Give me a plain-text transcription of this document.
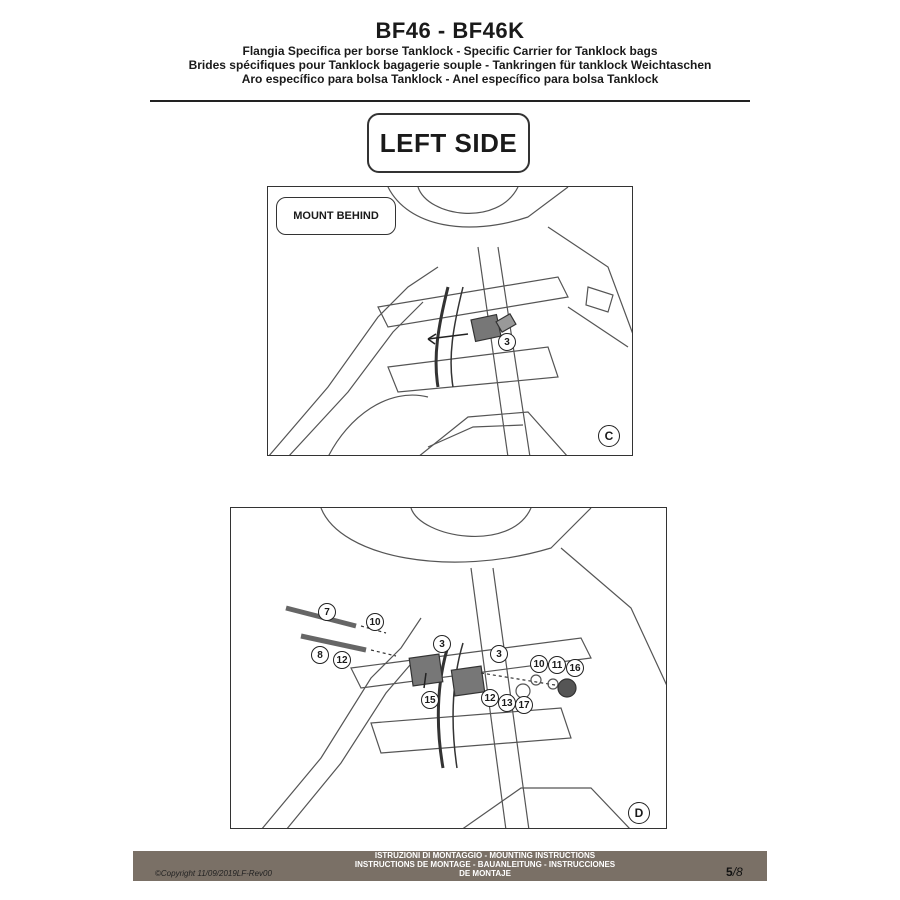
BF46 - BF46K
Flangia Specifica per borse Tanklock - Specific Carrier for Tanklock bags
Brides spécifiques pour Tanklock bagagerie souple - Tankringen für tanklock Weichtaschen
Aro específico para bolsa Tanklock - Anel específico para bolsa Tanklock
LEFT SIDE
MOUNT BEHIND
3
C
7
10
8	12
3
3
15
10 11 16
12 13 17
D
ISTRUZIONI DI MONTAGGIO - MOUNTING INSTRUCTIONS
INSTRUCTIONS DE MONTAGE - BAUANLEITUNG - INSTRUCCIONES
DE MONTAJE
©Copyright 11/09/2019LF-Rev00	5/8
